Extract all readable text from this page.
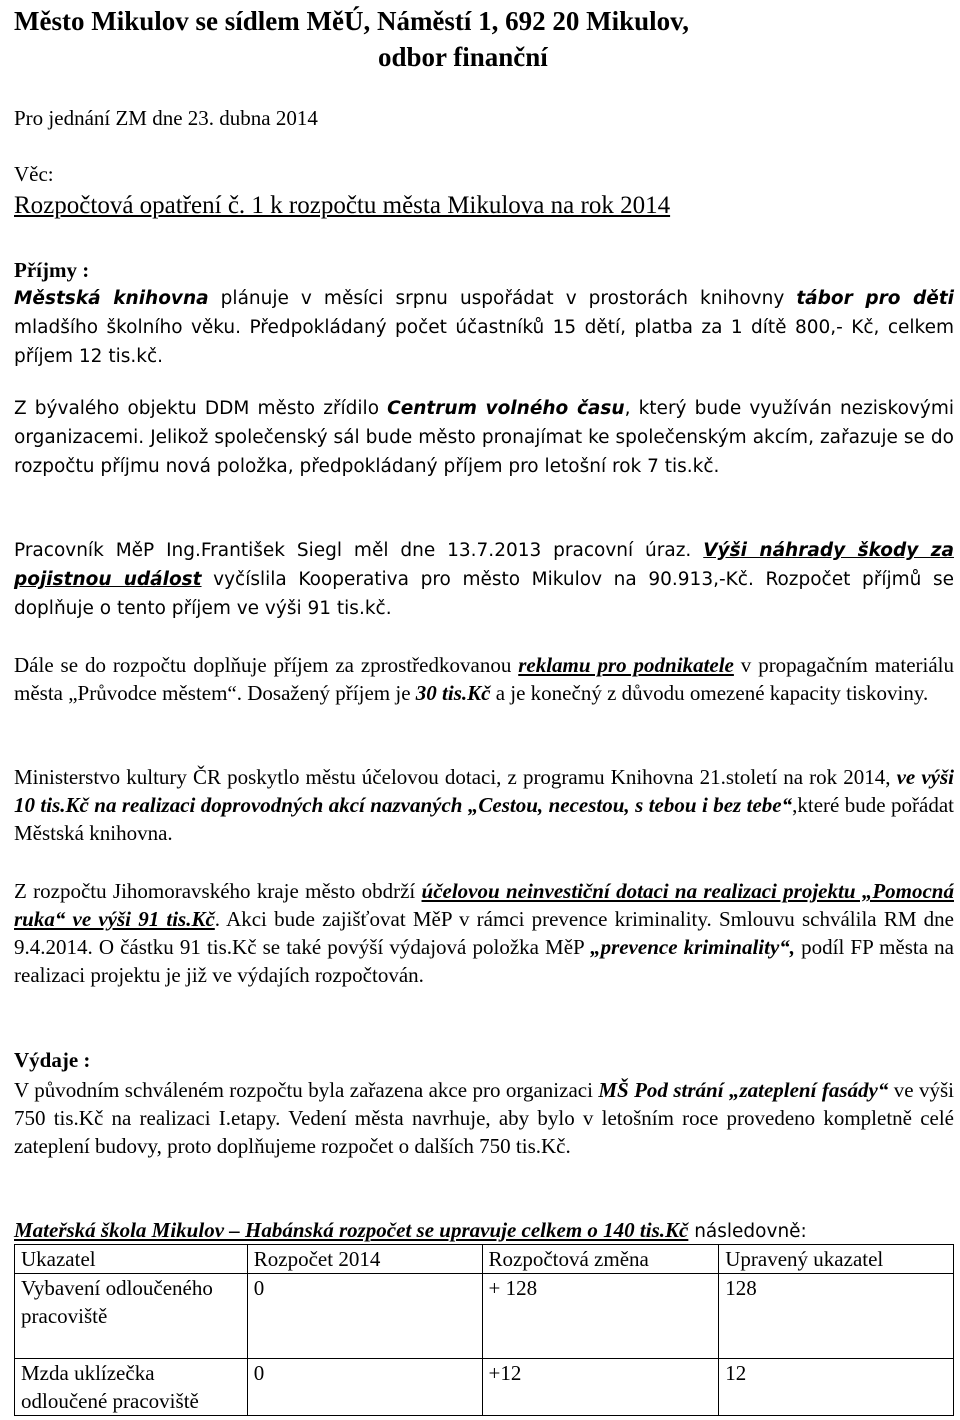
Město Mikulov se sídlem MěÚ, Náměstí 1, 692 20 Mikulov,
odbor finanční
Pro jednání ZM dne 23. dubna 2014
Věc:
Rozpočtová opatření č. 1 k rozpočtu města Mikulova na rok 2014
Příjmy :
Městská knihovna plánuje v měsíci srpnu uspořádat v prostorách knihovny tábor pro děti mladšího školního věku. Předpokládaný počet účastníků 15 dětí, platba za 1 dítě 800,- Kč, celkem příjem 12 tis.kč.
Z bývalého objektu DDM město zřídilo Centrum volného času, který bude využíván neziskovými organizacemi. Jelikož společenský sál bude město pronajímat ke společenským akcím, zařazuje se do rozpočtu příjmu nová položka, předpokládaný příjem pro letošní rok 7 tis.kč.
Pracovník MěP Ing.František Siegl měl dne 13.7.2013 pracovní úraz. Výši náhrady škody za pojistnou událost vyčíslila Kooperativa pro město Mikulov na 90.913,-Kč. Rozpočet příjmů se doplňuje o tento příjem ve výši 91 tis.kč.
Dále se do rozpočtu doplňuje příjem za zprostředkovanou reklamu pro podnikatele v propagačním materiálu města „Průvodce městem“. Dosažený příjem je 30 tis.Kč a je konečný z důvodu omezené kapacity tiskoviny.
Ministerstvo kultury ČR poskytlo městu účelovou dotaci, z programu Knihovna 21.století na rok 2014, ve výši 10 tis.Kč na realizaci doprovodných akcí nazvaných „Cestou, necestou, s tebou i bez tebe“,které bude pořádat Městská knihovna.
Z rozpočtu Jihomoravského kraje město obdrží účelovou neinvestiční dotaci na realizaci projektu „Pomocná ruka“ ve výši 91 tis.Kč. Akci bude zajišťovat MěP v rámci prevence kriminality. Smlouvu schválila RM dne 9.4.2014. O částku 91 tis.Kč se také povýší výdajová položka MěP „prevence kriminality“, podíl FP města na realizaci projektu je již ve výdajích rozpočtován.
Výdaje :
V původním schváleném rozpočtu byla zařazena akce pro organizaci MŠ Pod strání „zateplení fasády“ ve výši 750 tis.Kč na realizaci I.etapy. Vedení města navrhuje, aby bylo v letošním roce provedeno kompletně celé zateplení budovy, proto doplňujeme rozpočet o dalších 750 tis.Kč.
Mateřská škola Mikulov – Habánská rozpočet se upravuje celkem o 140 tis.Kč následovně:
Ukazatel	Rozpočet 2014	Rozpočtová změna	Upravený ukazatel
Vybavení odloučeného pracoviště	0	+ 128	128
Mzda uklízečka odloučené pracoviště	0	+12	12
